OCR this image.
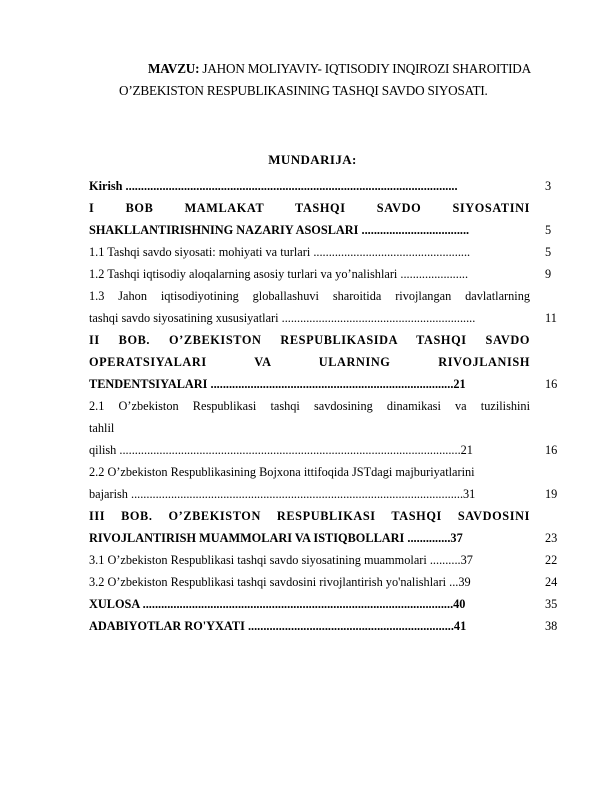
MAVZU: JAHON MOLIYAVIY- IQTISODIY INQIROZI SHAROITIDA
O’ZBEKISTON RESPUBLIKASINING TASHQI SAVDO SIYOSATI.
MUNDARIJA:
Kirish ............................................................................................................	3
I BOB MAMLAKAT TASHQI SAVDO SIYOSATINI
SHAKLLANTIRISHNING NAZARIY ASOSLARI ...................................	5
1.1 Tashqi savdo siyosati: mohiyati va turlari ...................................................	5
1.2 Tashqi iqtisodiy aloqalarning asosiy turlari va yo’nalishlari ......................	9
1.3 Jahon iqtisodiyotining globallashuvi sharoitida rivojlangan davlatlarning
tashqi savdo siyosatining xususiyatlari ...............................................................	11
II BOB. O’ZBEKISTON RESPUBLIKASIDA TASHQI SAVDO
OPERATSIYALARI VA ULARNING RIVOJLANISH
TENDENTSIYALARI ...............................................................................21	16
2.1 O’zbekiston Respublikasi tashqi savdosining dinamikasi va tuzilishini
tahlil
qilish ...............................................................................................................21	16
2.2 O’zbekiston Respublikasining Bojxona ittifoqida JSTdagi majburiyatlarini
bajarish ............................................................................................................31	19
III BOB. O’ZBEKISTON RESPUBLIKASI TASHQI SAVDOSINI
RIVOJLANTIRISH MUAMMOLARI VA ISTIQBOLLARI ..............37	23
3.1 O’zbekiston Respublikasi tashqi savdo siyosatining muammolari ..........37	22
3.2 O’zbekiston Respublikasi tashqi savdosini rivojlantirish yo'nalishlari ...39	24
XULOSA .....................................................................................................40	35
ADABIYOTLAR RO'YXATI ...................................................................41	38
